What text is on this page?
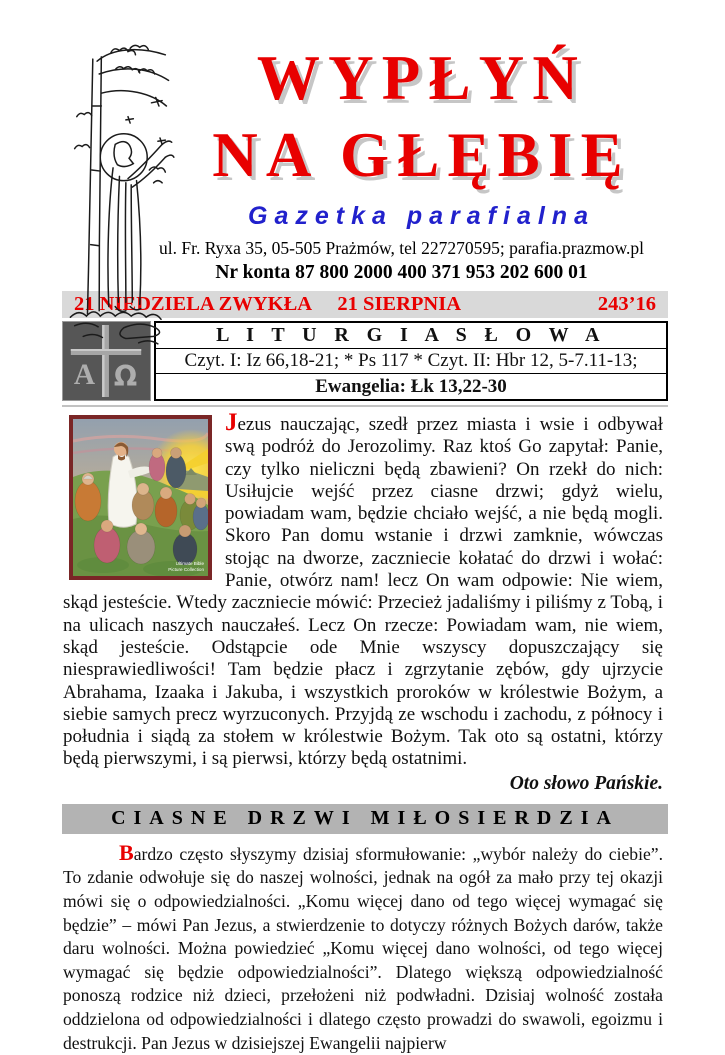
WYPŁYŃ
NA GŁĘBIĘ
Gazetka parafialna
ul. Fr. Ryxa 35, 05-505 Prażmów, tel 227270595; parafia.prazmow.pl
Nr konta 87 800 2000 400 371 953 202 600 01
21 NIEDZIELA ZWYKŁA	21 SIERPNIA	243’16
A Ω
L I T U R G I A S Ł O W A
Czyt. I: Iz 66,18-21; * Ps 117 * Czyt. II: Hbr 12, 5-7.11-13;
Ewangelia: Łk 13,22-30
Ultimate Bible
Picture Collection

Jezus nauczając, szedł przez miasta i wsie i odbywał swą podróż do Jerozolimy. Raz ktoś Go zapytał: Panie, czy tylko nieliczni będą zbawieni? On rzekł do nich: Usiłujcie wejść przez ciasne drzwi; gdyż wielu, powiadam wam, będzie chciało wejść, a nie będą mogli. Skoro Pan domu wstanie i drzwi zamknie, wówczas stojąc na dworze, zaczniecie kołatać do drzwi i wołać: Panie, otwórz nam! lecz On wam odpowie: Nie wiem, skąd jesteście. Wtedy zaczniecie mówić: Przecież jadaliśmy i piliśmy z Tobą, i na ulicach naszych nauczałeś. Lecz On rzecze: Powiadam wam, nie wiem, skąd jesteście. Odstąpcie ode Mnie wszyscy dopuszczający się niesprawiedliwości! Tam będzie płacz i zgrzytanie zębów, gdy ujrzycie Abrahama, Izaaka i Jakuba, i wszystkich proroków w królestwie Bożym, a siebie samych precz wyrzuconych. Przyjdą ze wschodu i zachodu, z północy i południa i siądą za stołem w królestwie Bożym. Tak oto są ostatni, którzy będą pierwszymi, i są pierwsi, którzy będą ostatnimi.

Oto słowo Pańskie.

CIASNE DRZWI MIŁOSIERDZIA

Bardzo często słyszymy dzisiaj sformułowanie: „wybór należy do ciebie”. To zdanie odwołuje się do naszej wolności, jednak na ogół za mało przy tej okazji mówi się o odpowiedzialności. „Komu więcej dano od tego więcej wymagać się będzie” – mówi Pan Jezus, a stwierdzenie to dotyczy różnych Bożych darów, także daru wolności. Można powiedzieć „Komu więcej dano wolności, od tego więcej wymagać się będzie odpowiedzialności”. Dlatego większą odpowiedzialność ponoszą rodzice niż dzieci, przełożeni niż podwładni. Dzisiaj wolność została oddzielona od odpowiedzialności i dlatego często prowadzi do swawoli, egoizmu i destrukcji. Pan Jezus w dzisiejszej Ewangelii najpierw
